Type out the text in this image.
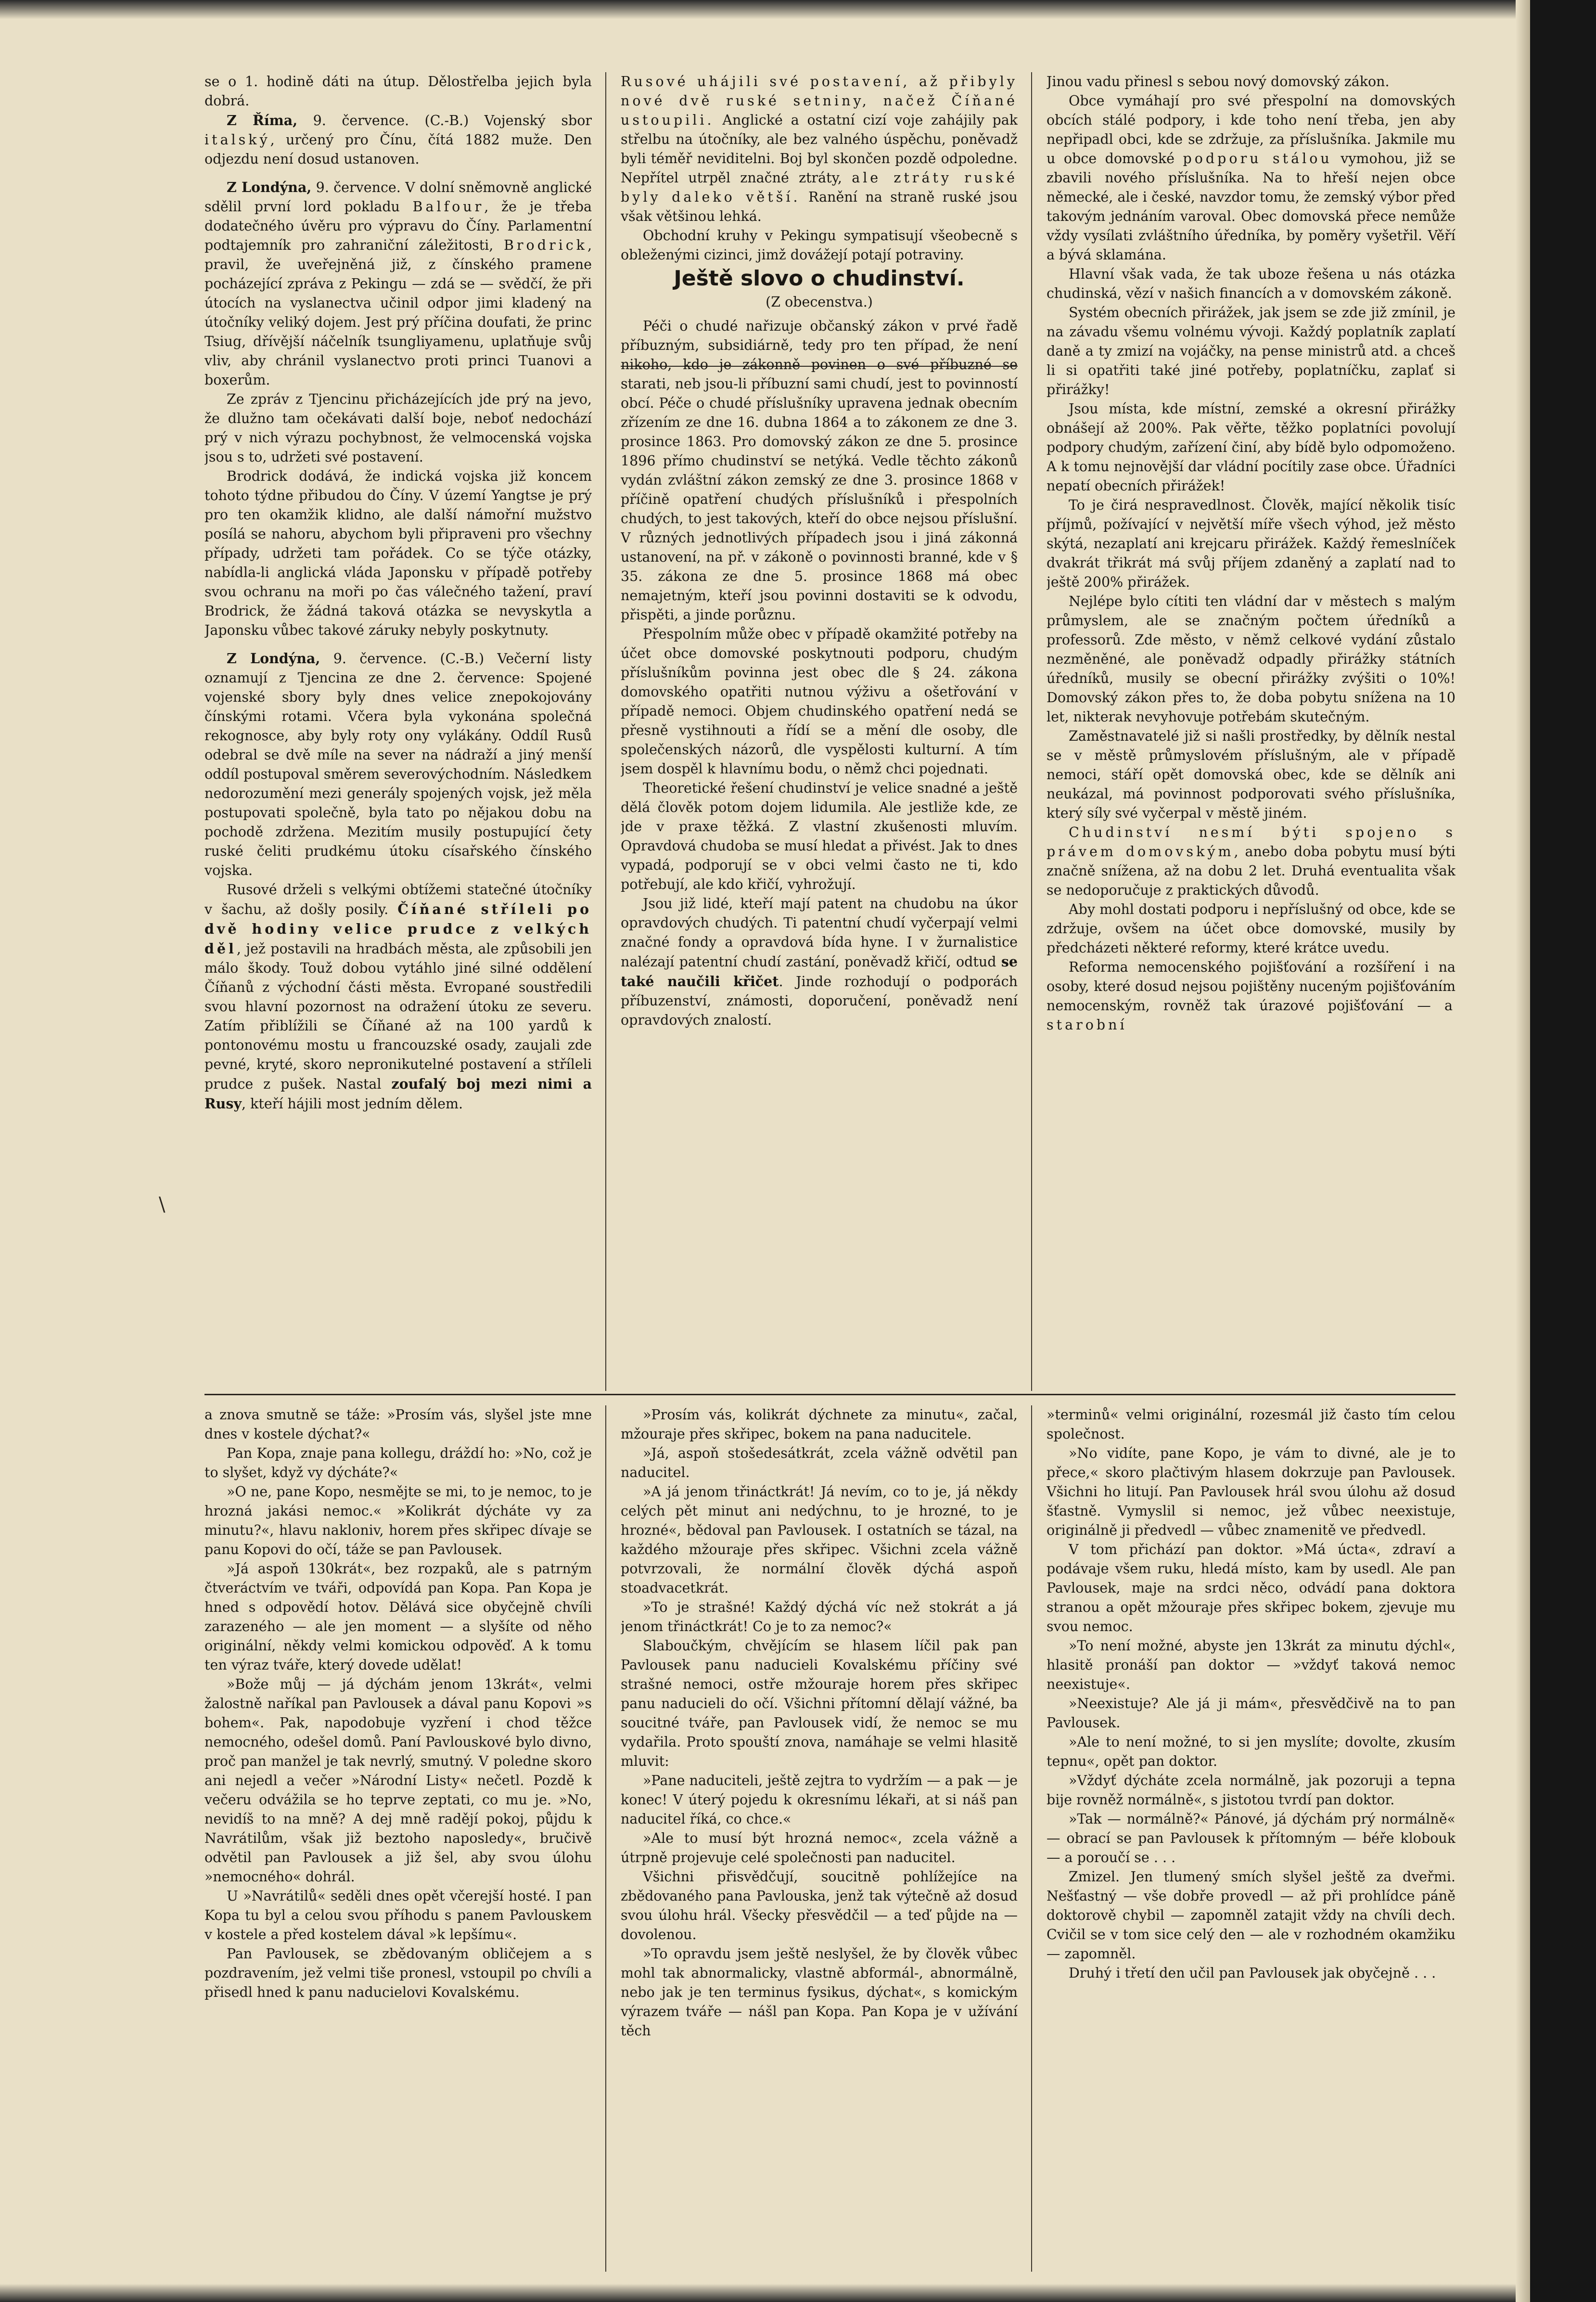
\

se o 1. hodině dáti na útup. Dělostřelba jejich byla dobrá.

Z Říma, 9. července. (C.-B.) Vojenský sbor italský, určený pro Čínu, čítá 1882 muže. Den odjezdu není dosud ustanoven.

Z Londýna, 9. července. V dolní sněmovně anglické sdělil první lord pokladu Balfour, že je třeba dodatečného úvěru pro výpravu do Číny. Parlamentní podtajemník pro zahraniční záležitosti, Brodrick, pravil, že uveřejněná již, z čínského pramene pocházející zpráva z Pekingu — zdá se — svědčí, že při útocích na vyslanectva učinil odpor jimi kladený na útočníky veliký dojem. Jest prý příčina doufati, že princ Tsiug, dřívější náčelník tsungliyamenu, uplatňuje svůj vliv, aby chránil vyslanectvo proti princi Tuanovi a boxerům.

Ze zpráv z Tjencinu přicházejících jde prý na jevo, že dlužno tam očekávati další boje, neboť nedochází prý v nich výrazu pochybnost, že velmocenská vojska jsou s to, udržeti své postavení.

Brodrick dodává, že indická vojska již koncem tohoto týdne přibudou do Číny. V území Yangtse je prý pro ten okamžik klidno, ale další námořní mužstvo posílá se nahoru, abychom byli připraveni pro všechny případy, udržeti tam pořádek. Co se týče otázky, nabídla-li anglická vláda Japonsku v případě potřeby svou ochranu na moři po čas válečného tažení, praví Brodrick, že žádná taková otázka se nevyskytla a Japonsku vůbec takové záruky nebyly poskytnuty.

Z Londýna, 9. července. (C.-B.) Večerní listy oznamují z Tjencina ze dne 2. července: Spojené vojenské sbory byly dnes velice znepokojovány čínskými rotami. Včera byla vykonána společná rekognosce, aby byly roty ony vylákány. Oddíl Rusů odebral se dvě míle na sever na nádraží a jiný menší oddíl postupoval směrem severovýchodním. Následkem nedorozumění mezi generály spojených vojsk, jež měla postupovati společně, byla tato po nějakou dobu na pochodě zdržena. Mezitím musily postupující čety ruské čeliti prudkému útoku císařského čínského vojska.

Rusové drželi s velkými obtížemi statečné útočníky v šachu, až došly posily. Číňané stříleli po dvě hodiny velice prudce z velkých děl, jež postavili na hradbách města, ale způsobili jen málo škody. Touž dobou vytáhlo jiné silné oddělení Číňanů z východní části města. Evropané soustředili svou hlavní pozornost na odražení útoku ze severu. Zatím přiblížili se Číňané až na 100 yardů k pontonovému mostu u francouzské osady, zaujali zde pevné, kryté, skoro nepronikutelné postavení a stříleli prudce z pušek. Nastal zoufalý boj mezi nimi a Rusy, kteří hájili most jedním dělem.

Rusové uhájili své postavení, až přibyly nové dvě ruské setniny, načež Číňané ustoupili. Anglické a ostatní cizí voje zahájily pak střelbu na útočníky, ale bez valného úspěchu, poněvadž byli téměř neviditelni. Boj byl skončen pozdě odpoledne. Nepřítel utrpěl značné ztráty, ale ztráty ruské byly daleko větší. Ranění na straně ruské jsou však většinou lehká.

Obchodní kruhy v Pekingu sympatisují všeobecně s obleženými cizinci, jimž dovážejí potají potraviny.

Ještě slovo o chudinství.

(Z obecenstva.)

Péči o chudé nařizuje občanský zákon v prvé řadě příbuzným, subsidiárně, tedy pro ten případ, že není nikoho, kdo je zákonně povinen o své příbuzné se starati, neb jsou-li příbuzní sami chudí, jest to povinností obcí. Péče o chudé příslušníky upravena jednak obecním zřízením ze dne 16. dubna 1864 a to zákonem ze dne 3. prosince 1863. Pro domovský zákon ze dne 5. prosince 1896 přímo chudinství se netýká. Vedle těchto zákonů vydán zvláštní zákon zemský ze dne 3. prosince 1868 v příčině opatření chudých příslušníků i přespolních chudých, to jest takových, kteří do obce nejsou příslušní. V různých jednotlivých případech jsou i jiná zákonná ustanovení, na př. v zákoně o povinnosti branné, kde v § 35. zákona ze dne 5. prosince 1868 má obec nemajetným, kteří jsou povinni dostaviti se k odvodu, přispěti, a jinde porůznu.

Přespolním může obec v případě okamžité potřeby na účet obce domovské poskytnouti podporu, chudým příslušníkům povinna jest obec dle § 24. zákona domovského opatřiti nutnou výživu a ošetřování v případě nemoci. Objem chudinského opatření nedá se přesně vystihnouti a řídí se a mění dle osoby, dle společenských názorů, dle vyspělosti kulturní. A tím jsem dospěl k hlavnímu bodu, o němž chci pojednati.

Theoretické řešení chudinství je velice snadné a ještě dělá člověk potom dojem lidumila. Ale jestliže kde, ze jde v praxe těžká. Z vlastní zkušenosti mluvím. Opravdová chudoba se musí hledat a přivést. Jak to dnes vypadá, podporují se v obci velmi často ne ti, kdo potřebují, ale kdo křičí, vyhrožují.

Jsou již lidé, kteří mají patent na chudobu na úkor opravdových chudých. Ti patentní chudí vyčerpají velmi značné fondy a opravdová bída hyne. I v žurnalistice nalézají patentní chudí zastání, poněvadž křičí, odtud se také naučili křičet. Jinde rozhodují o podporách příbuzenství, známosti, doporučení, poněvadž není opravdových znalostí.

Jinou vadu přinesl s sebou nový domovský zákon.

Obce vymáhají pro své přespolní na domovských obcích stálé podpory, i kde toho není třeba, jen aby nepřipadl obci, kde se zdržuje, za příslušníka. Jakmile mu u obce domovské podporu stálou vymohou, již se zbavili nového příslušníka. Na to hřeší nejen obce německé, ale i české, navzdor tomu, že zemský výbor před takovým jednáním varoval. Obec domovská přece nemůže vždy vysílati zvláštního úředníka, by poměry vyšetřil. Věří a bývá sklamána.

Hlavní však vada, že tak uboze řešena u nás otázka chudinská, vězí v našich financích a v domovském zákoně.

Systém obecních přirážek, jak jsem se zde již zmínil, je na závadu všemu volnému vývoji. Každý poplatník zaplatí daně a ty zmizí na vojáčky, na pense ministrů atd. a chceš li si opatřiti také jiné potřeby, poplatníčku, zaplať si přirážky!

Jsou místa, kde místní, zemské a okresní přirážky obnášejí až 200%. Pak věřte, těžko poplatníci povolují podpory chudým, zařízení činí, aby bídě bylo odpomoženo. A k tomu nejnovější dar vládní pocítily zase obce. Úřadníci nepatí obecních přirážek!

To je čirá nespravedlnost. Člověk, mající několik tisíc příjmů, požívající v největší míře všech výhod, jež město skýtá, nezaplatí ani krejcaru přirážek. Každý řemeslníček dvakrát třikrát má svůj příjem zdaněný a zaplatí nad to ještě 200% přirážek.

Nejlépe bylo cítiti ten vládní dar v městech s malým průmyslem, ale se značným počtem úředníků a professorů. Zde město, v němž celkové vydání zůstalo nezměněné, ale poněvadž odpadly přirážky státních úředníků, musily se obecní přirážky zvýšiti o 10%! Domovský zákon přes to, že doba pobytu snížena na 10 let, nikterak nevyhovuje potřebám skutečným.

Zaměstnavatelé již si našli prostředky, by dělník nestal se v městě průmyslovém příslušným, ale v případě nemoci, stáří opět domovská obec, kde se dělník ani neukázal, má povinnost podporovati svého příslušníka, který síly své vyčerpal v městě jiném.

Chudinství nesmí býti spojeno s právem domovským, anebo doba pobytu musí býti značně snížena, až na dobu 2 let. Druhá eventualita však se nedoporučuje z praktických důvodů.

Aby mohl dostati podporu i nepříslušný od obce, kde se zdržuje, ovšem na účet obce domovské, musily by předcházeti některé reformy, které krátce uvedu.

Reforma nemocenského pojišťování a rozšíření i na osoby, které dosud nejsou pojištěny nuceným pojišťováním nemocenským, rovněž tak úrazové pojišťování — a starobní

a znova smutně se táže: »Prosím vás, slyšel jste mne dnes v kostele dýchat?«

Pan Kopa, znaje pana kollegu, dráždí ho: »No, což je to slyšet, když vy dýcháte?«

»O ne, pane Kopo, nesmějte se mi, to je nemoc, to je hrozná jakási nemoc.« »Kolikrát dýcháte vy za minutu?«, hlavu nakloniv, horem přes skřipec dívaje se panu Kopovi do očí, táže se pan Pavlousek.

»Já aspoň 130krát«, bez rozpaků, ale s patrným čtveráctvím ve tváři, odpovídá pan Kopa. Pan Kopa je hned s odpovědí hotov. Dělává sice obyčejně chvíli zarazeného — ale jen moment — a slyšíte od něho originální, někdy velmi komickou odpověď. A k tomu ten výraz tváře, který dovede udělat!

»Bože můj — já dýchám jenom 13krát«, velmi žalostně naříkal pan Pavlousek a dával panu Kopovi »s bohem«. Pak, napodobuje vyzření i chod těžce nemocného, odešel domů. Paní Pavlouskové bylo divno, proč pan manžel je tak nevrlý, smutný. V poledne skoro ani nejedl a večer »Národní Listy« nečetl. Pozdě k večeru odvážila se ho teprve zeptati, co mu je. »No, nevidíš to na mně? A dej mně radějí pokoj, půjdu k Navrátilům, však již beztoho naposledy«, bručivě odvětil pan Pavlousek a již šel, aby svou úlohu »nemocného« dohrál.

U »Navrátilů« seděli dnes opět včerejší hosté. I pan Kopa tu byl a celou svou příhodu s panem Pavlouskem v kostele a před kostelem dával »k lepšímu«.

Pan Pavlousek, se zbědovaným obličejem a s pozdravením, jež velmi tiše pronesl, vstoupil po chvíli a přisedl hned k panu naducielovi Kovalskému.

»Prosím vás, kolikrát dýchnete za minutu«, začal, mžouraje přes skřipec, bokem na pana naducitele.

»Já, aspoň stošedesátkrát, zcela vážně odvětil pan naducitel.

»A já jenom třináctkrát! Já nevím, co to je, já někdy celých pět minut ani nedýchnu, to je hrozné, to je hrozné«, bědoval pan Pavlousek. I ostatních se tázal, na každého mžouraje přes skřipec. Všichni zcela vážně potvrzovali, že normální člověk dýchá aspoň stoadvacetkrát.

»To je strašné! Každý dýchá víc než stokrát a já jenom třináctkrát! Co je to za nemoc?«

Slaboučkým, chvějícím se hlasem líčil pak pan Pavlousek panu naducieli Kovalskému příčiny své strašné nemoci, ostře mžouraje horem přes skřipec panu naducieli do očí. Všichni přítomní dělají vážné, ba soucitné tváře, pan Pavlousek vidí, že nemoc se mu vydařila. Proto spouští znova, namáhaje se velmi hlasitě mluvit:

»Pane naduciteli, ještě zejtra to vydržím — a pak — je konec! V úterý pojedu k okresnímu lékaři, at si náš pan naducitel říká, co chce.«

»Ale to musí být hrozná nemoc«, zcela vážně a útrpně projevuje celé společnosti pan naducitel.

Všichni přisvědčují, soucitně pohlížejíce na zbědovaného pana Pavlouska, jenž tak výtečně až dosud svou úlohu hrál. Všecky přesvědčil — a teď půjde na — dovolenou.

»To opravdu jsem ještě neslyšel, že by člověk vůbec mohl tak abnormalicky, vlastně abformál-, abnormálně, nebo jak je ten terminus fysikus, dýchat«, s komickým výrazem tváře — nášl pan Kopa. Pan Kopa je v užívání těch

»terminů« velmi originální, rozesmál již často tím celou společnost.

»No vidíte, pane Kopo, je vám to divné, ale je to přece,« skoro plačtivým hlasem dokrzuje pan Pavlousek. Všichni ho litují. Pan Pavlousek hrál svou úlohu až dosud šťastně. Vymyslil si nemoc, jež vůbec neexistuje, originálně ji předvedl — vůbec znamenitě ve předvedl.

V tom přichází pan doktor. »Má úcta«, zdraví a podávaje všem ruku, hledá místo, kam by usedl. Ale pan Pavlousek, maje na srdci něco, odvádí pana doktora stranou a opět mžouraje přes skřipec bokem, zjevuje mu svou nemoc.

»To není možné, abyste jen 13krát za minutu dýchl«, hlasitě pronáší pan doktor — »vždyť taková nemoc neexistuje«.

»Neexistuje? Ale já ji mám«, přesvědčivě na to pan Pavlousek.

»Ale to není možné, to si jen myslíte; dovolte, zkusím tepnu«, opět pan doktor.

»Vždyť dýcháte zcela normálně, jak pozoruji a tepna bije rovněž normálně«, s jistotou tvrdí pan doktor.

»Tak — normálně?« Pánové, já dýchám prý normálně« — obrací se pan Pavlousek k přítomným — béře klobouk — a poroučí se . . .

Zmizel. Jen tlumený smích slyšel ještě za dveřmi. Nešťastný — vše dobře provedl — až při prohlídce páně doktorově chybil — zapomněl zatajit vždy na chvíli dech. Cvičil se v tom sice celý den — ale v rozhodném okamžiku — zapomněl.

Druhý i třetí den učil pan Pavlousek jak obyčejně . . .
